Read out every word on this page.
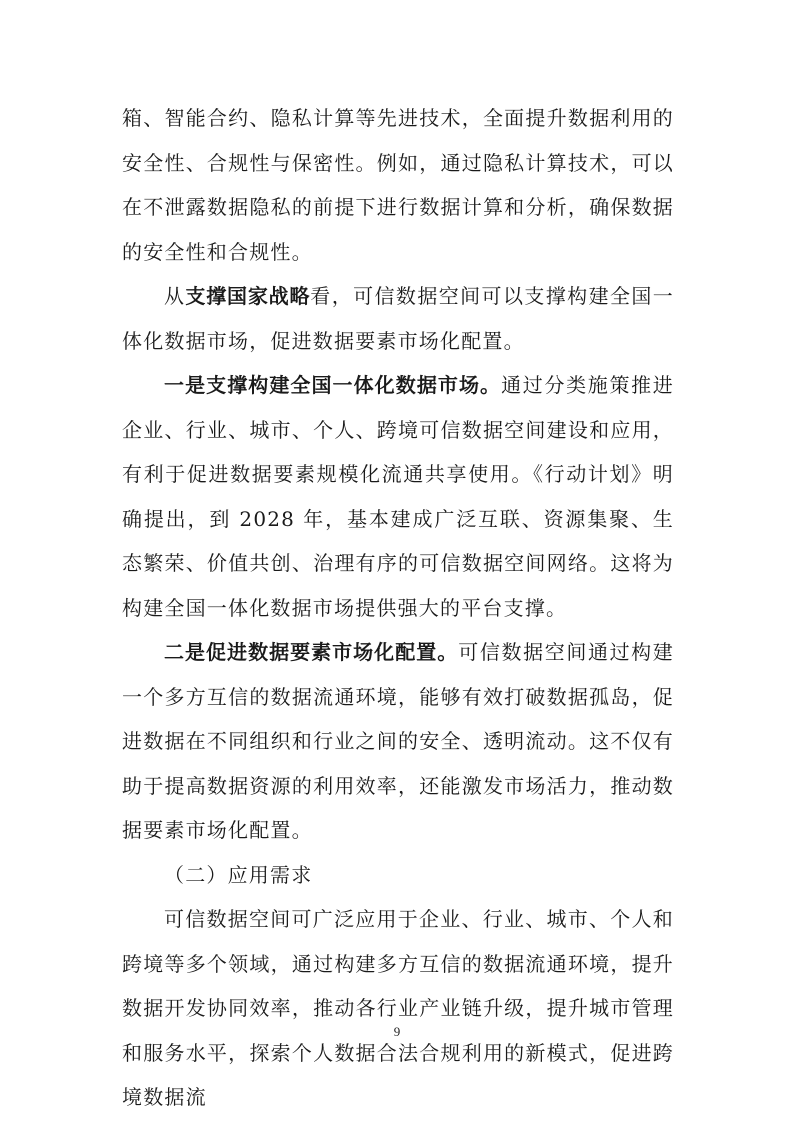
箱、智能合约、隐私计算等先进技术，全面提升数据利用的安全性、合规性与保密性。例如，通过隐私计算技术，可以在不泄露数据隐私的前提下进行数据计算和分析，确保数据的安全性和合规性。

从支撑国家战略看，可信数据空间可以支撑构建全国一体化数据市场，促进数据要素市场化配置。

一是支撑构建全国一体化数据市场。通过分类施策推进企业、行业、城市、个人、跨境可信数据空间建设和应用，有利于促进数据要素规模化流通共享使用。《行动计划》明确提出，到 2028 年，基本建成广泛互联、资源集聚、生态繁荣、价值共创、治理有序的可信数据空间网络。这将为构建全国一体化数据市场提供强大的平台支撑。

二是促进数据要素市场化配置。可信数据空间通过构建一个多方互信的数据流通环境，能够有效打破数据孤岛，促进数据在不同组织和行业之间的安全、透明流动。这不仅有助于提高数据资源的利用效率，还能激发市场活力，推动数据要素市场化配置。

（二）应用需求

可信数据空间可广泛应用于企业、行业、城市、个人和跨境等多个领域，通过构建多方互信的数据流通环境，提升数据开发协同效率，推动各行业产业链升级，提升城市管理和服务水平，探索个人数据合法合规利用的新模式，促进跨境数据流

9
